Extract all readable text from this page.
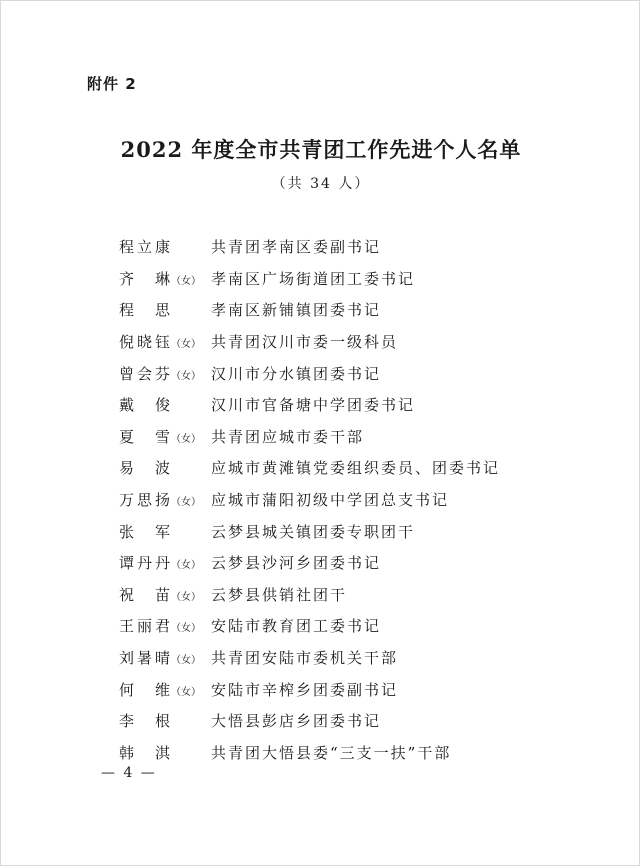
附件 2
2022 年度全市共青团工作先进个人名单
（共 34 人）
程立康	共青团孝南区委副书记
齐　琳（女） 孝南区广场街道团工委书记
程　思	孝南区新铺镇团委书记
倪晓钰（女） 共青团汉川市委一级科员
曾会芬（女） 汉川市分水镇团委书记
戴　俊	汉川市官备塘中学团委书记
夏　雪（女） 共青团应城市委干部
易　波	应城市黄滩镇党委组织委员、团委书记
万思扬（女） 应城市蒲阳初级中学团总支书记
张　军	云梦县城关镇团委专职团干
谭丹丹（女） 云梦县沙河乡团委书记
祝　苗（女） 云梦县供销社团干
王丽君（女） 安陆市教育团工委书记
刘暑晴（女） 共青团安陆市委机关干部
何　维（女） 安陆市辛榨乡团委副书记
李　根	大悟县彭店乡团委书记
韩　淇	共青团大悟县委“三支一扶”干部
— 4 —
